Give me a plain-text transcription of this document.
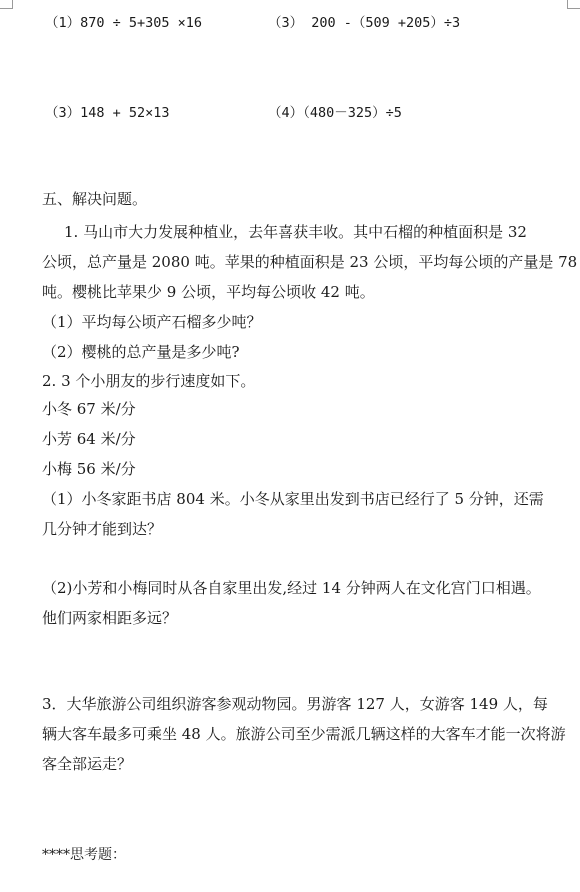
（1）870 ÷ 5+305 ×16	（3） 200 -（509 +205）÷3
（3）148 + 52×13	（4）（480－325）÷5
五、解决问题。
1. 马山市大力发展种植业，去年喜获丰收。其中石榴的种植面积是 32
公顷，总产量是 2080 吨。苹果的种植面积是 23 公顷，平均每公顷的产量是 78
吨。樱桃比苹果少 9 公顷，平均每公顷收 42 吨。
（1）平均每公顷产石榴多少吨？
（2）樱桃的总产量是多少吨?
2. 3 个小朋友的步行速度如下。
小冬 67 米/分
小芳 64 米/分
小梅 56 米/分
（1）小冬家距书店 804 米。小冬从家里出发到书店已经行了 5 分钟，还需
几分钟才能到达？
（2)小芳和小梅同时从各自家里出发,经过 14 分钟两人在文化宫门口相遇。
他们两家相距多远？
3．大华旅游公司组织游客参观动物园。男游客 127 人，女游客 149 人，每
辆大客车最多可乘坐 48 人。旅游公司至少需派几辆这样的大客车才能一次将游
客全部运走？
****思考题：
